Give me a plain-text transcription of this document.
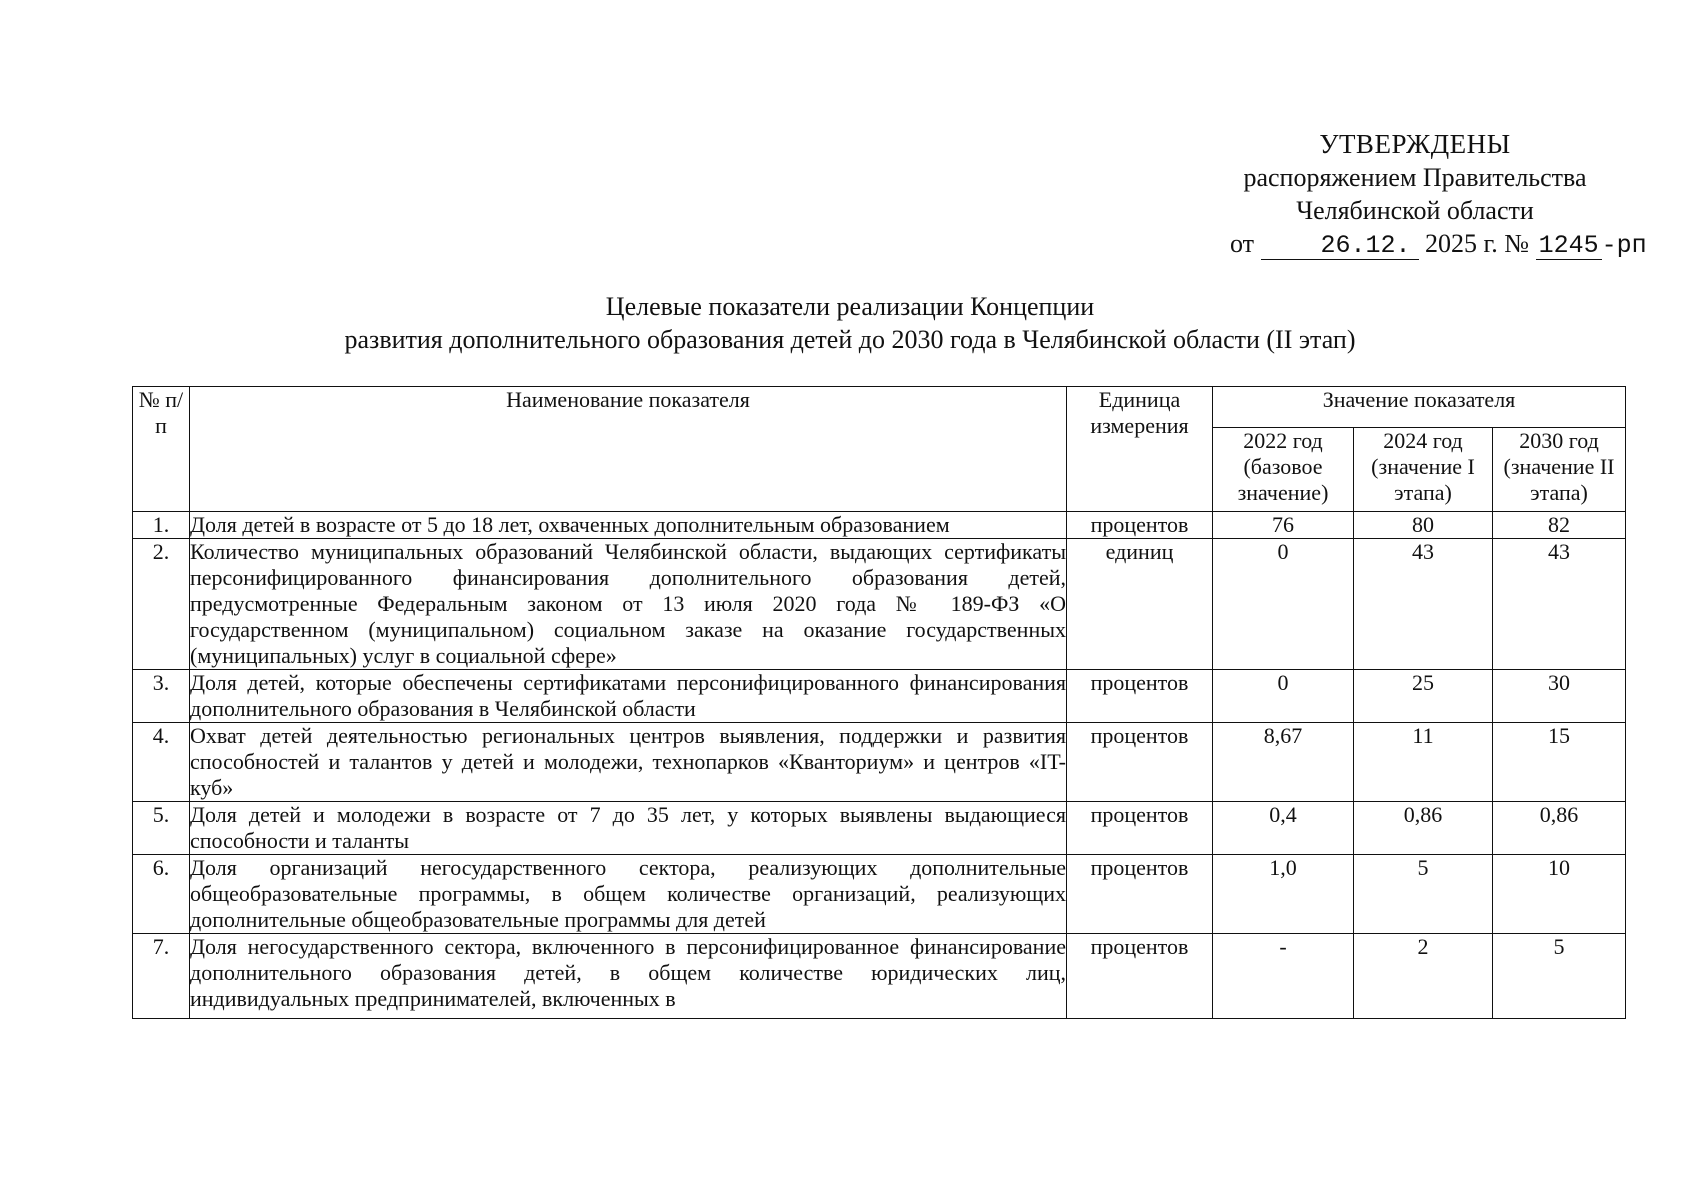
УТВЕРЖДЕНЫ
распоряжением Правительства
Челябинской области
от	26.12. 2025 г. № 1245 -рп
Целевые показатели реализации Концепции
развития дополнительного образования детей до 2030 года в Челябинской области (II этап)
№ п/п	Наименование показателя	Единица измерения	Значение показателя		
			2022 год (базовое значение)	2024 год (значение I этапа)	2030 год (значение II этапа)
1.	Доля детей в возрасте от 5 до 18 лет, охваченных дополнительным образованием	процентов	76	80	82
2.	Количество муниципальных образований Челябинской области, выдающих сертификаты персонифицированного финансирования дополнительного образования детей, предусмотренные Федеральным законом от 13 июля 2020 года № 189-ФЗ «О государственном (муниципальном) социальном заказе на оказание государственных (муниципальных) услуг в социальной сфере»	единиц	0	43	43
3.	Доля детей, которые обеспечены сертификатами персонифицированного финансирования дополнительного образования в Челябинской области	процентов	0	25	30
4.	Охват детей деятельностью региональных центров выявления, поддержки и развития способностей и талантов у детей и молодежи, технопарков «Кванториум» и центров «IT-куб»	процентов	8,67	11	15
5.	Доля детей и молодежи в возрасте от 7 до 35 лет, у которых выявлены выдающиеся способности и таланты	процентов	0,4	0,86	0,86
6.	Доля организаций негосударственного сектора, реализующих дополнительные общеобразовательные программы, в общем количестве организаций, реализующих дополнительные общеобразовательные программы для детей	процентов	1,0	5	10
7.	Доля негосударственного сектора, включенного в персонифицированное финансирование дополнительного образования детей, в общем количестве юридических лиц, индивидуальных предпринимателей, включенных в	процентов	-	2	5
